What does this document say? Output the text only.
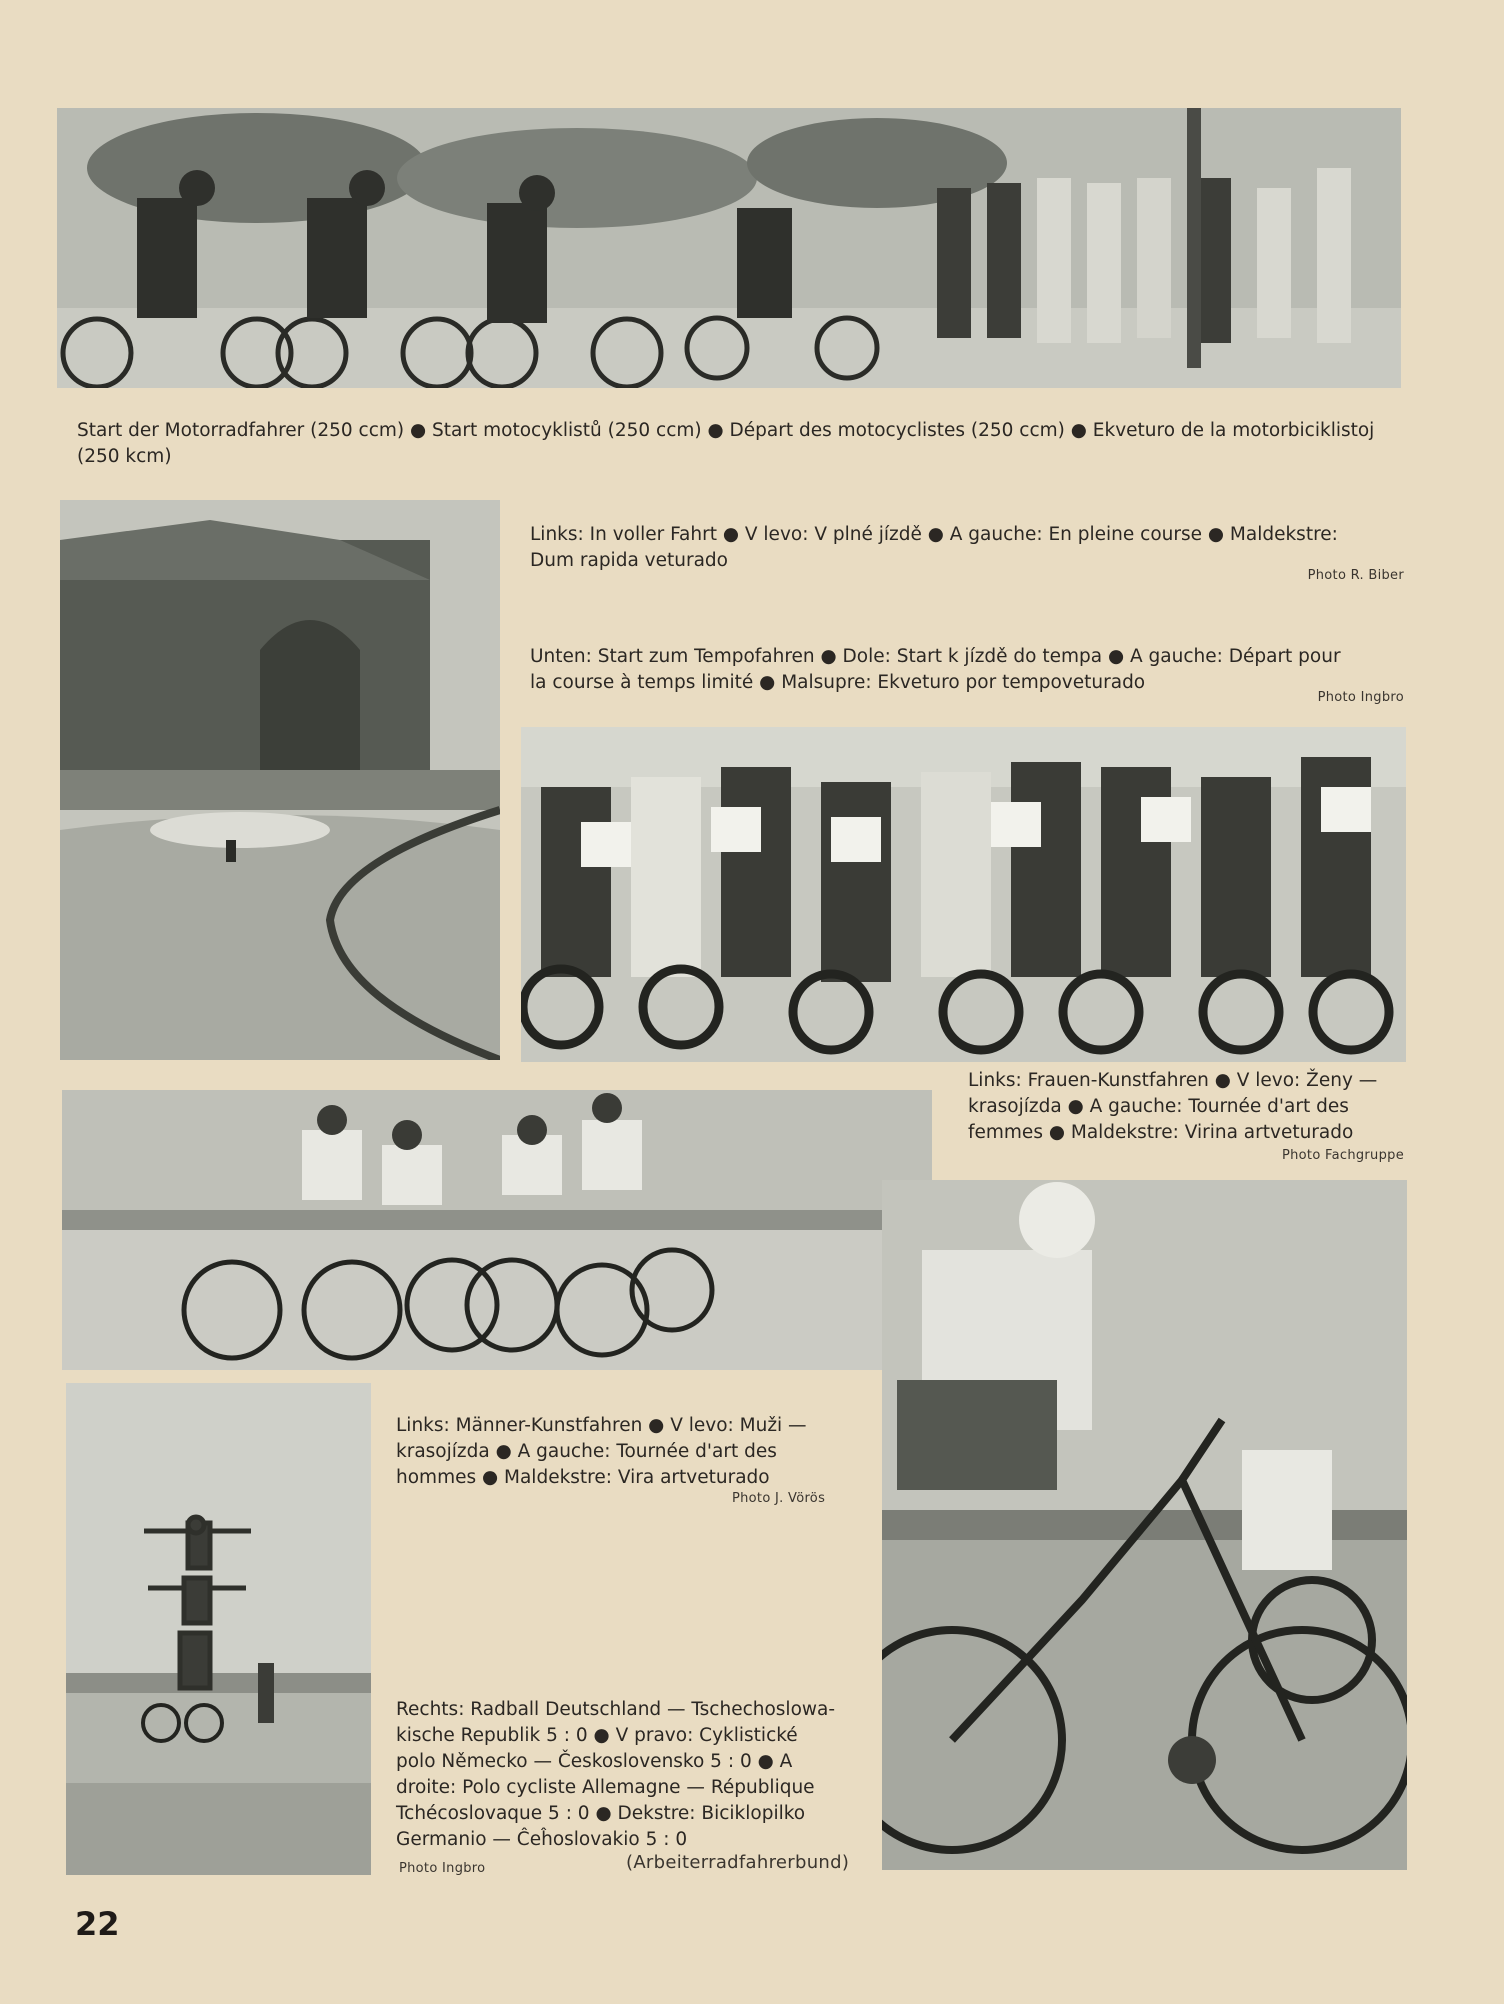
Start der Motorradfahrer (250 ccm) ● Start motocyklistů (250 ccm) ● Départ des motocyclistes (250 ccm) ● Ekveturo de la motorbiciklistoj
(250 kcm)

Links: In voller Fahrt ● V levo: V plné jízdě ● A gauche: En pleine course ● Maldekstre:
Dum rapida veturado

Photo R. Biber

Unten: Start zum Tempofahren ● Dole: Start k jízdě do tempa ● A gauche: Départ pour
la course à temps limité ● Malsupre: Ekveturo por tempoveturado

Photo Ingbro

Links: Frauen-Kunstfahren ● V levo: Ženy —
krasojízda ● A gauche: Tournée d'art des
femmes ● Maldekstre: Virina artveturado

Photo Fachgruppe

Links: Männer-Kunstfahren ● V levo: Muži —
krasojízda ● A gauche: Tournée d'art des
hommes ● Maldekstre: Vira artveturado

Photo J. Vörös

Rechts: Radball Deutschland — Tschechoslowa-
kische Republik 5 : 0 ● V pravo: Cyklistické
polo Německo — Československo 5 : 0 ● A
droite: Polo cycliste Allemagne — République
Tchécoslovaque 5 : 0 ● Dekstre: Biciklopilko
Germanio — Ĉeĥoslovakio 5 : 0

Photo Ingbro	(Arbeiterradfahrerbund)
22
